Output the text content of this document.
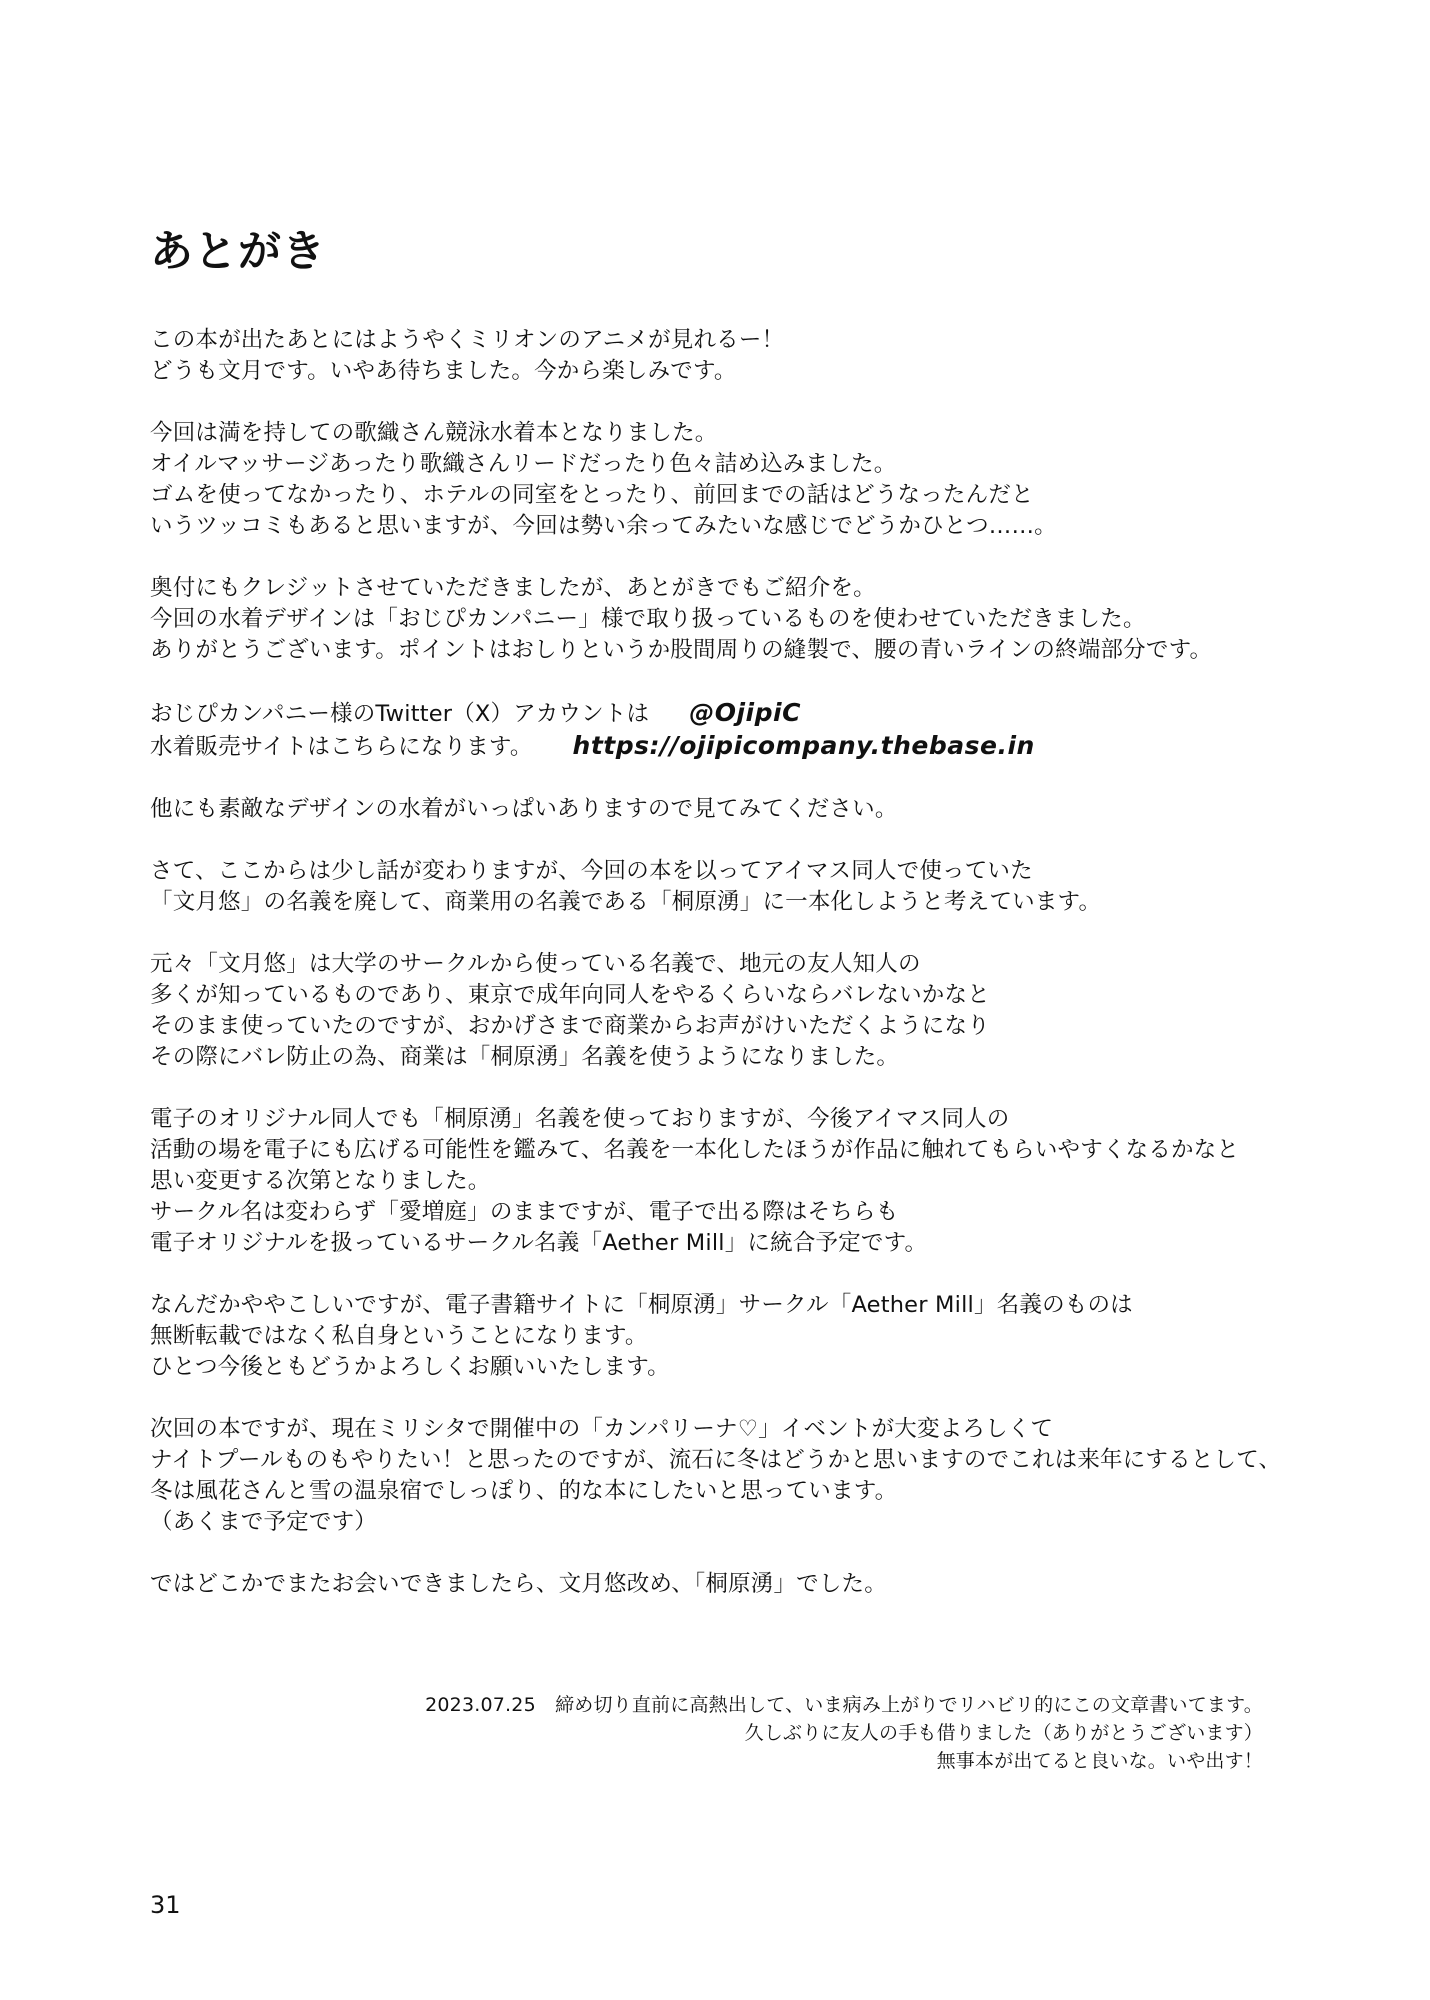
あとがき
この本が出たあとにはようやくミリオンのアニメが見れるー！
どうも文月です。いやあ待ちました。今から楽しみです。
今回は満を持しての歌織さん競泳水着本となりました。
オイルマッサージあったり歌織さんリードだったり色々詰め込みました。
ゴムを使ってなかったり、ホテルの同室をとったり、前回までの話はどうなったんだと
いうツッコミもあると思いますが、今回は勢い余ってみたいな感じでどうかひとつ……。
奥付にもクレジットさせていただきましたが、あとがきでもご紹介を。
今回の水着デザインは「おじぴカンパニー」様で取り扱っているものを使わせていただきました。
ありがとうございます。ポイントはおしりというか股間周りの縫製で、腰の青いラインの終端部分です。
おじぴカンパニー様のTwitter（X）アカウントは @OjipiC
水着販売サイトはこちらになります。 https://ojipicompany.thebase.in
他にも素敵なデザインの水着がいっぱいありますので見てみてください。
さて、ここからは少し話が変わりますが、今回の本を以ってアイマス同人で使っていた
「文月悠」の名義を廃して、商業用の名義である「桐原湧」に一本化しようと考えています。
元々「文月悠」は大学のサークルから使っている名義で、地元の友人知人の
多くが知っているものであり、東京で成年向同人をやるくらいならバレないかなと
そのまま使っていたのですが、おかげさまで商業からお声がけいただくようになり
その際にバレ防止の為、商業は「桐原湧」名義を使うようになりました。
電子のオリジナル同人でも「桐原湧」名義を使っておりますが、今後アイマス同人の
活動の場を電子にも広げる可能性を鑑みて、名義を一本化したほうが作品に触れてもらいやすくなるかなと
思い変更する次第となりました。
サークル名は変わらず「愛増庭」のままですが、電子で出る際はそちらも
電子オリジナルを扱っているサークル名義「Aether Mill」に統合予定です。
なんだかややこしいですが、電子書籍サイトに「桐原湧」サークル「Aether Mill」名義のものは
無断転載ではなく私自身ということになります。
ひとつ今後ともどうかよろしくお願いいたします。
次回の本ですが、現在ミリシタで開催中の「カンパリーナ♡」イベントが大変よろしくて
ナイトプールものもやりたい！と思ったのですが、流石に冬はどうかと思いますのでこれは来年にするとして、
冬は風花さんと雪の温泉宿でしっぽり、的な本にしたいと思っています。
（あくまで予定です）
ではどこかでまたお会いできましたら、文月悠改め、「桐原湧」でした。
2023.07.25　締め切り直前に高熱出して、いま病み上がりでリハビリ的にこの文章書いてます。
久しぶりに友人の手も借りました（ありがとうございます）
無事本が出てると良いな。いや出す！
31
